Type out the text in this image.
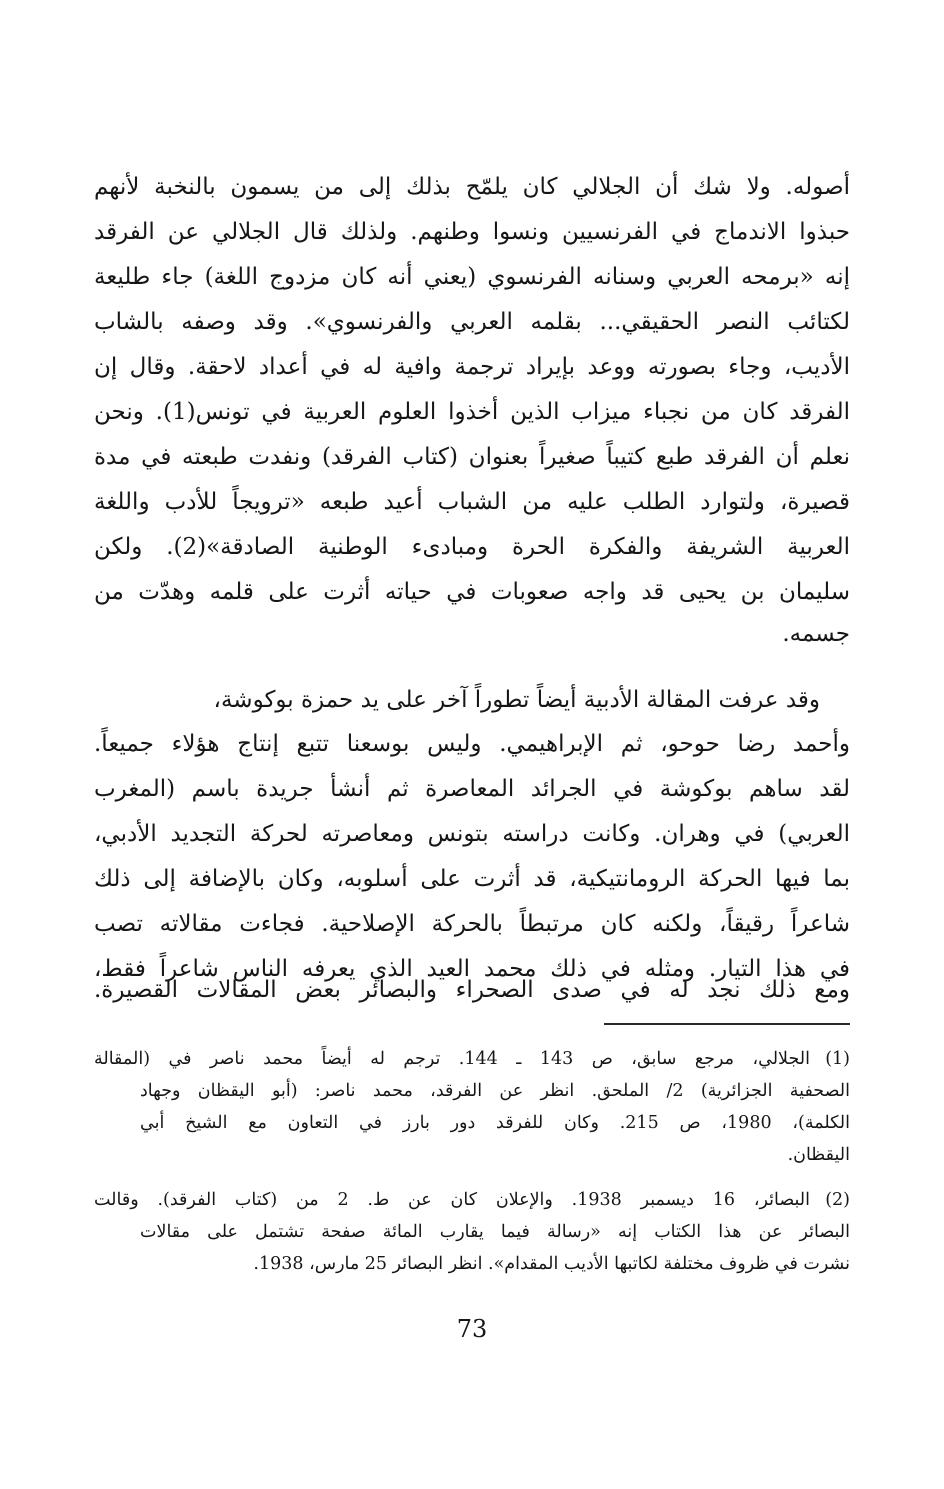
أصوله. ولا شك أن الجلالي كان يلمّح بذلك إلى من يسمون بالنخبة لأنهم

حبذوا الاندماج في الفرنسيين ونسوا وطنهم. ولذلك قال الجلالي عن الفرقد

إنه «برمحه العربي وسنانه الفرنسوي (يعني أنه كان مزدوج اللغة) جاء طليعة

لكتائب النصر الحقيقي... بقلمه العربي والفرنسوي». وقد وصفه بالشاب

الأديب، وجاء بصورته ووعد بإيراد ترجمة وافية له في أعداد لاحقة. وقال إن

الفرقد كان من نجباء ميزاب الذين أخذوا العلوم العربية في تونس(1). ونحن

نعلم أن الفرقد طبع كتيباً صغيراً بعنوان (كتاب الفرقد) ونفدت طبعته في مدة

قصيرة، ولتوارد الطلب عليه من الشباب أعيد طبعه «ترويجاً للأدب واللغة

العربية الشريفة والفكرة الحرة ومبادىء الوطنية الصادقة»(2). ولكن

سليمان بن يحيى قد واجه صعوبات في حياته أثرت على قلمه وهدّت من

جسمه.

وقد عرفت المقالة الأدبية أيضاً تطوراً آخر على يد حمزة بوكوشة،

وأحمد رضا حوحو، ثم الإبراهيمي. وليس بوسعنا تتبع إنتاج هؤلاء جميعاً.

لقد ساهم بوكوشة في الجرائد المعاصرة ثم أنشأ جريدة باسم (المغرب

العربي) في وهران. وكانت دراسته بتونس ومعاصرته لحركة التجديد الأدبي،

بما فيها الحركة الرومانتيكية، قد أثرت على أسلوبه، وكان بالإضافة إلى ذلك

شاعراً رقيقاً، ولكنه كان مرتبطاً بالحركة الإصلاحية. فجاءت مقالاته تصب

في هذا التيار. ومثله في ذلك محمد العيد الذي يعرفه الناس شاعراً فقط،

ومع ذلك نجد له في صدى الصحراء والبصائر بعض المقالات القصيرة.

(1)

الجلالي، مرجع سابق، ص 143 ـ 144. ترجم له أيضاً محمد ناصر في (المقالة

الصحفية الجزائرية) 2/ الملحق. انظر عن الفرقد، محمد ناصر: (أبو اليقظان وجهاد

الكلمة)، 1980، ص 215. وكان للفرقد دور بارز في التعاون مع الشيخ أبي

اليقظان.

(2)

البصائر، 16 ديسمبر 1938. والإعلان كان عن ط. 2 من (كتاب الفرقد). وقالت

البصائر عن هذا الكتاب إنه «رسالة فيما يقارب المائة صفحة تشتمل على مقالات

نشرت في ظروف مختلفة لكاتبها الأديب المقدام». انظر البصائر 25 مارس، 1938.

73
